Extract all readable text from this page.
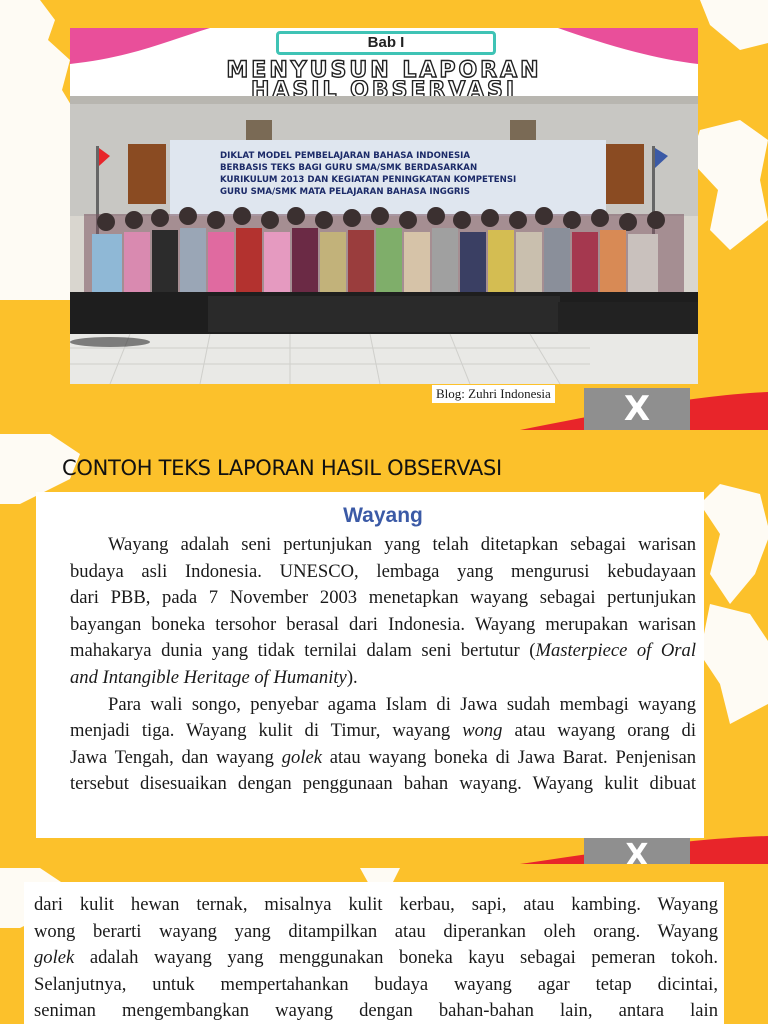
X
Bab I
MENYUSUN LAPORAN
HASIL OBSERVASI
DIKLAT MODEL PEMBELAJARAN BAHASA INDONESIA
BERBASIS TEKS BAGI GURU SMA/SMK BERDASARKAN
KURIKULUM 2013 DAN KEGIATAN PENINGKATAN KOMPETENSI
GURU SMA/SMK MATA PELAJARAN BAHASA INGGRIS
Blog: Zuhri Indonesia
X
CONTOH TEKS LAPORAN HASIL OBSERVASI
Wayang
Wayang adalah seni pertunjukan yang telah ditetapkan sebagai warisan
budaya asli Indonesia. UNESCO, lembaga yang mengurusi kebudayaan
dari PBB, pada 7 November 2003 menetapkan wayang sebagai pertunjukan
bayangan boneka tersohor berasal dari Indonesia. Wayang merupakan warisan
mahakarya dunia yang tidak ternilai dalam seni bertutur (Masterpiece of Oral
and Intangible Heritage of Humanity).
Para wali songo, penyebar agama Islam di Jawa sudah membagi wayang
menjadi tiga. Wayang kulit di Timur, wayang wong atau wayang orang di
Jawa Tengah, dan wayang golek atau wayang boneka di Jawa Barat. Penjenisan
tersebut disesuaikan dengan penggunaan bahan wayang. Wayang kulit dibuat
dari kulit hewan ternak, misalnya kulit kerbau, sapi, atau kambing. Wayang
wong berarti wayang yang ditampilkan atau diperankan oleh orang. Wayang
golek adalah wayang yang menggunakan boneka kayu sebagai pemeran tokoh.
Selanjutnya, untuk mempertahankan budaya wayang agar tetap dicintai,
seniman mengembangkan wayang dengan bahan-bahan lain, antara lain
